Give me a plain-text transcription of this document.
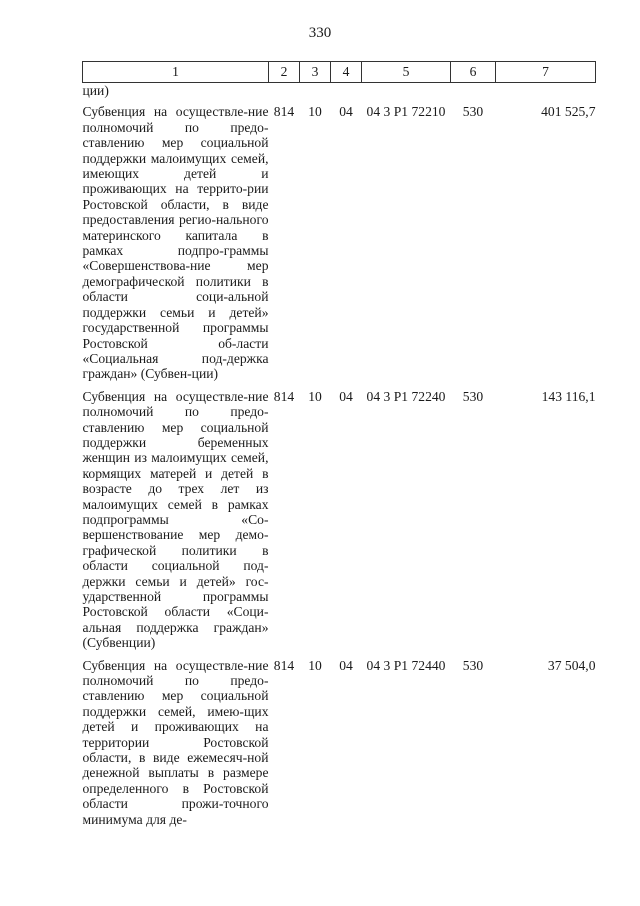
330
1	2	3	4	5	6	7
ции)						
Субвенция на осуществле-ние полномочий по предо-ставлению мер социальной поддержки малоимущих семей, имеющих детей и проживающих на террито-рии Ростовской области, в виде предоставления регио-нального материнского капитала в рамках подпро-граммы «Совершенствова-ние мер демографической политики в области соци-альной поддержки семьи и детей» государственной программы Ростовской об-ласти «Социальная под-держка граждан» (Субвен-ции)	814	10	04	04 3 Р1 72210	530	401 525,7
Субвенция на осуществле-ние полномочий по предо-ставлению мер социальной поддержки беременных женщин из малоимущих семей, кормящих матерей и детей в возрасте до трех лет из малоимущих семей в рамках подпрограммы «Со-вершенствование мер демо-графической политики в области социальной под-держки семьи и детей» гос-ударственной программы Ростовской области «Соци-альная поддержка граждан» (Субвенции)	814	10	04	04 3 Р1 72240	530	143 116,1
Субвенция на осуществле-ние полномочий по предо-ставлению мер социальной поддержки семей, имею-щих детей и проживающих на территории Ростовской области, в виде ежемесяч-ной денежной выплаты в размере определенного в Ростовской области прожи-точного минимума для де-	814	10	04	04 3 Р1 72440	530	37 504,0
